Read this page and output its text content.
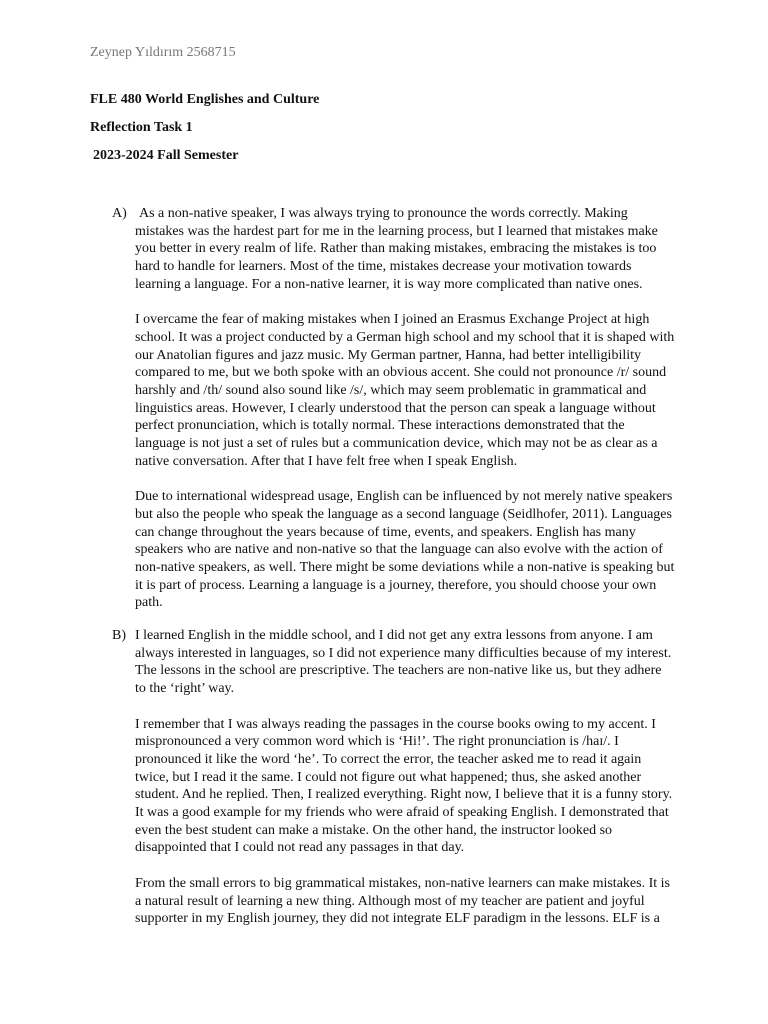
Zeynep Yıldırım 2568715
FLE 480 World Englishes and Culture
Reflection Task 1
2023-2024 Fall Semester
A) As a non-native speaker, I was always trying to pronounce the words correctly. Making mistakes was the hardest part for me in the learning process, but I learned that mistakes make you better in every realm of life. Rather than making mistakes, embracing the mistakes is too hard to handle for learners. Most of the time, mistakes decrease your motivation towards learning a language. For a non-native learner, it is way more complicated than native ones.

I overcame the fear of making mistakes when I joined an Erasmus Exchange Project at high school. It was a project conducted by a German high school and my school that it is shaped with our Anatolian figures and jazz music. My German partner, Hanna, had better intelligibility compared to me, but we both spoke with an obvious accent. She could not pronounce /r/ sound harshly and /th/ sound also sound like /s/, which may seem problematic in grammatical and linguistics areas. However, I clearly understood that the person can speak a language without perfect pronunciation, which is totally normal. These interactions demonstrated that the language is not just a set of rules but a communication device, which may not be as clear as a native conversation. After that I have felt free when I speak English.

Due to international widespread usage, English can be influenced by not merely native speakers but also the people who speak the language as a second language (Seidlhofer, 2011). Languages can change throughout the years because of time, events, and speakers. English has many speakers who are native and non-native so that the language can also evolve with the action of non-native speakers, as well. There might be some deviations while a non-native is speaking but it is part of process. Learning a language is a journey, therefore, you should choose your own path.

B) I learned English in the middle school, and I did not get any extra lessons from anyone. I am always interested in languages, so I did not experience many difficulties because of my interest. The lessons in the school are prescriptive. The teachers are non-native like us, but they adhere to the ‘right’ way.

I remember that I was always reading the passages in the course books owing to my accent. I mispronounced a very common word which is ‘Hi!’. The right pronunciation is /haɪ/. I pronounced it like the word ‘he’. To correct the error, the teacher asked me to read it again twice, but I read it the same. I could not figure out what happened; thus, she asked another student. And he replied. Then, I realized everything. Right now, I believe that it is a funny story. It was a good example for my friends who were afraid of speaking English. I demonstrated that even the best student can make a mistake. On the other hand, the instructor looked so disappointed that I could not read any passages in that day.

From the small errors to big grammatical mistakes, non-native learners can make mistakes. It is a natural result of learning a new thing. Although most of my teacher are patient and joyful supporter in my English journey, they did not integrate ELF paradigm in the lessons. ELF is a
